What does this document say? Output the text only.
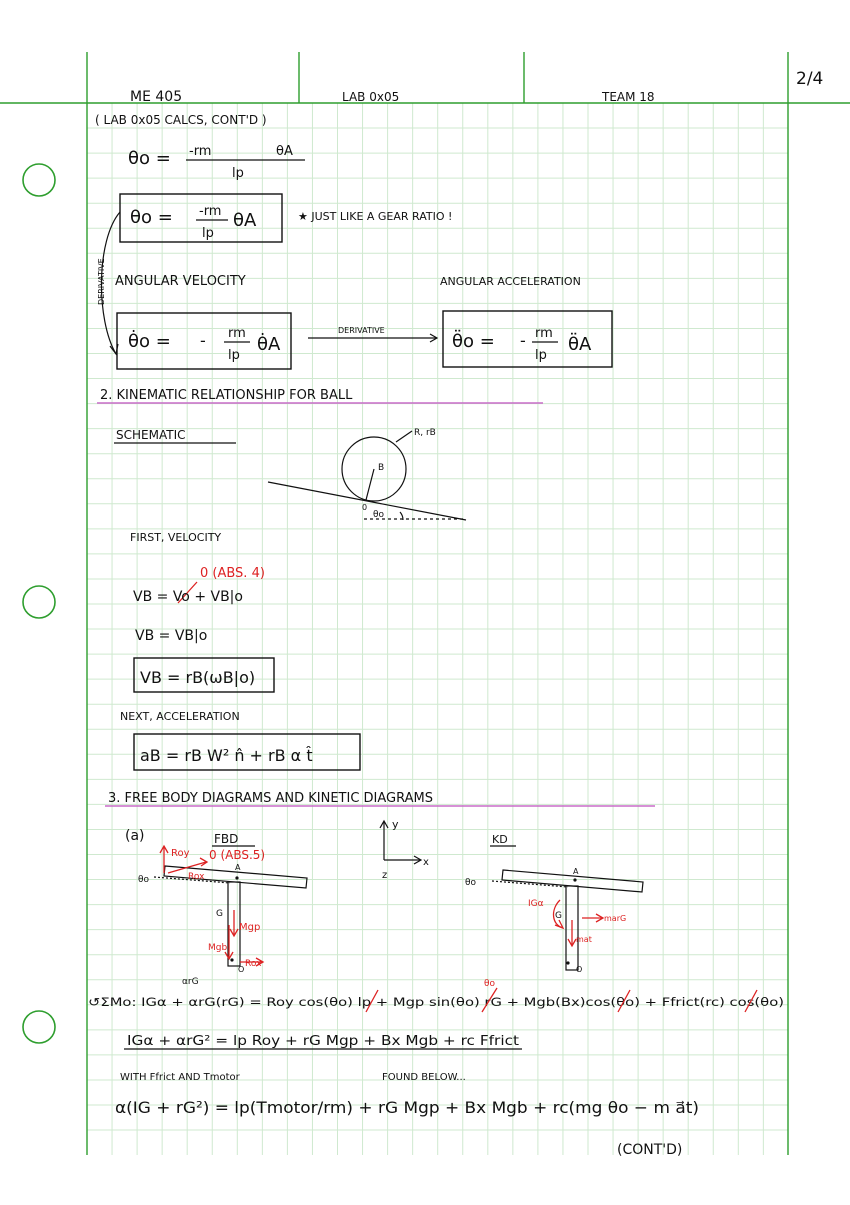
ME 405	LAB 0x05	TEAM 18
2/4
( LAB 0x05 CALCS, CONT'D )
θo = -rm	θA
lp
θo = -rm
lp
θA	★ JUST LIKE A GEAR RATIO !
DERIVATIVE ANGULAR VELOCITY	ANGULAR ACCELERATION
θ̇o = - rm
lp
θ̇A
DERIVATIVE
θ̈o = - rm
lp
θ̈A
2. KINEMATIC RELATIONSHIP FOR BALL
SCHEMATIC	R, rB
B
0
θo
FIRST, VELOCITY
0 (ABS. 4)
VB = Vo + VB|o
VB = VB|o
VB = rB(ωB|o)
NEXT, ACCELERATION
aB = rB W² n̂ + rB α t̂
3. FREE BODY DIAGRAMS AND KINETIC DIAGRAMS
(a)	FBD	KD
y
x
z
Roy 0 (ABS.5)
Rox
θo
A
G
Mgp
Mgb
Rox
O
θo
A
G
IGα
marG
mat
O
αrG
↺ΣMo: IGα + αrG(rG) = Roy cos(θo) lp + Mgp sin(θo) rG + Mgb(Bx)cos(θo) + Ffrict(rc) cos(θo)
θo
IGα + αrG² = lp Roy + rG Mgp + Bx Mgb + rc Ffrict
WITH Ffrict AND Tmotor	FOUND BELOW...
α(IG + rG²) = lp(Tmotor/rm) + rG Mgp + Bx Mgb + rc(mg θo − m a⃗t)
(CONT'D)
